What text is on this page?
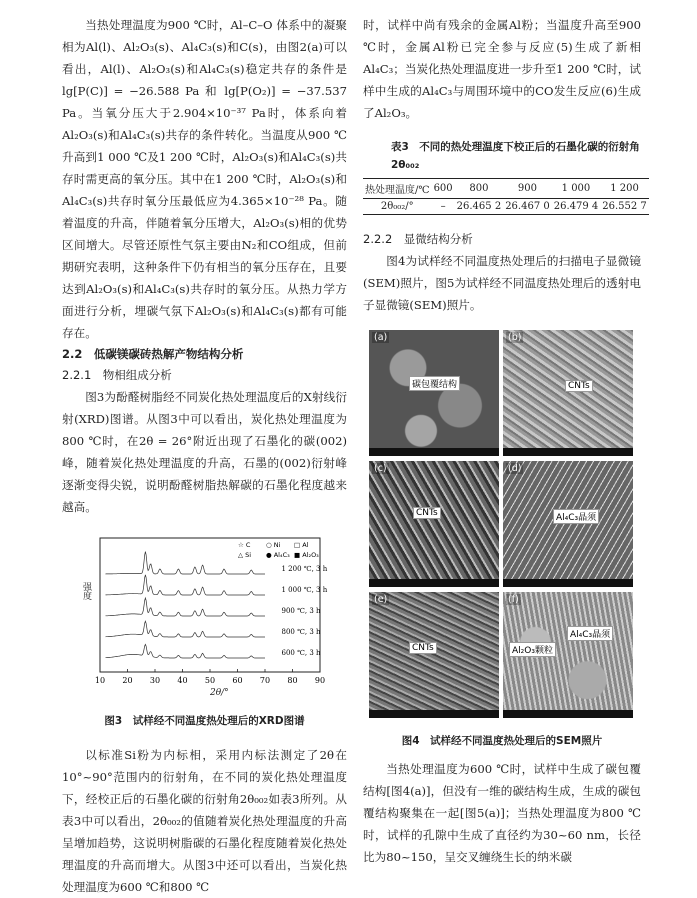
当热处理温度为900 ℃时，Al–C–O 体系中的凝聚相为Al(l)、Al₂O₃(s)、Al₄C₃(s)和C(s)，由图2(a)可以看出，Al(l)、Al₂O₃(s)和Al₄C₃(s)稳定共存的条件是 lg[P(C)] = −26.588 Pa 和 lg[P(O₂)] = −37.537 Pa。当氧分压大于2.904×10⁻³⁷ Pa时，体系向着Al₂O₃(s)和Al₄C₃(s)共存的条件转化。当温度从900 ℃升高到1 000 ℃及1 200 ℃时，Al₂O₃(s)和Al₄C₃(s)共存时需更高的氧分压。其中在1 200 ℃时，Al₂O₃(s)和Al₄C₃(s)共存时氧分压最低应为4.365×10⁻²⁸ Pa。随着温度的升高，伴随着氧分压增大，Al₂O₃(s)相的优势区间增大。尽管还原性气氛主要由N₂和CO组成，但前期研究表明，这种条件下仍有相当的氧分压存在，且要达到Al₂O₃(s)和Al₄C₃(s)共存时的氧分压。从热力学方面进行分析，埋碳气氛下Al₂O₃(s)和Al₄C₃(s)都有可能存在。

2.2　低碳镁碳砖热解产物结构分析

2.2.1　物相组成分析

图3为酚醛树脂经不同炭化热处理温度后的X射线衍射(XRD)图谱。从图3中可以看出，炭化热处理温度为800 ℃时，在2θ = 26°附近出现了石墨化的碳(002)峰，随着炭化热处理温度的升高，石墨的(002)衍射峰逐渐变得尖锐，说明酚醛树脂热解碳的石墨化程度越来越高。

10 20 30 40 50 60 70 80 90
☆ C ○ Ni □ Al
△ Si ● Al₄C₃ ■ Al₂O₃
1 200 ℃, 3 h
1 000 ℃, 3 h
900 ℃, 3 h
800 ℃, 3 h
600 ℃, 3 h
强度
2θ/°

图3　试样经不同温度热处理后的XRD图谱

以标准Si粉为内标相，采用内标法测定了2θ在10°~90°范围内的衍射角，在不同的炭化热处理温度下，经校正后的石墨化碳的衍射角2θ₀₀₂如表3所列。从表3中可以看出，2θ₀₀₂的值随着炭化热处理温度的升高呈增加趋势，这说明树脂碳的石墨化程度随着炭化热处理温度的升高而增大。从图3中还可以看出，当炭化热处理温度为600 ℃和800 ℃

时，试样中尚有残余的金属Al粉；当温度升高至900 ℃时，金属Al粉已完全参与反应(5)生成了新相Al₄C₃；当炭化热处理温度进一步升至1 200 ℃时，试样中生成的Al₄C₃与周围环境中的CO发生反应(6)生成了Al₂O₃。

表3　不同的热处理温度下校正后的石墨化碳的衍射角2θ₀₀₂

热处理温度/℃	600	800	900	1 000	1 200
2θ₀₀₂/°	–	26.465 2	26.467 0	26.479 4	26.552 7

2.2.2　显微结构分析

图4为试样经不同温度热处理后的扫描电子显微镜(SEM)照片，图5为试样经不同温度热处理后的透射电子显微镜(SEM)照片。

(a)
碳包覆结构
(b)
CNTs
(c)
CNTs
(d)
Al₄C₃晶须
(e)
CNTs
(f)
Al₂O₃颗粒
Al₄C₃晶须

图4　试样经不同温度热处理后的SEM照片

当热处理温度为600 ℃时，试样中生成了碳包覆结构[图4(a)]，但没有一维的碳结构生成，生成的碳包覆结构聚集在一起[图5(a)]；当热处理温度为800 ℃时，试样的孔隙中生成了直径约为30~60 nm，长径比为80~150，呈交叉缠绕生长的纳米碳
